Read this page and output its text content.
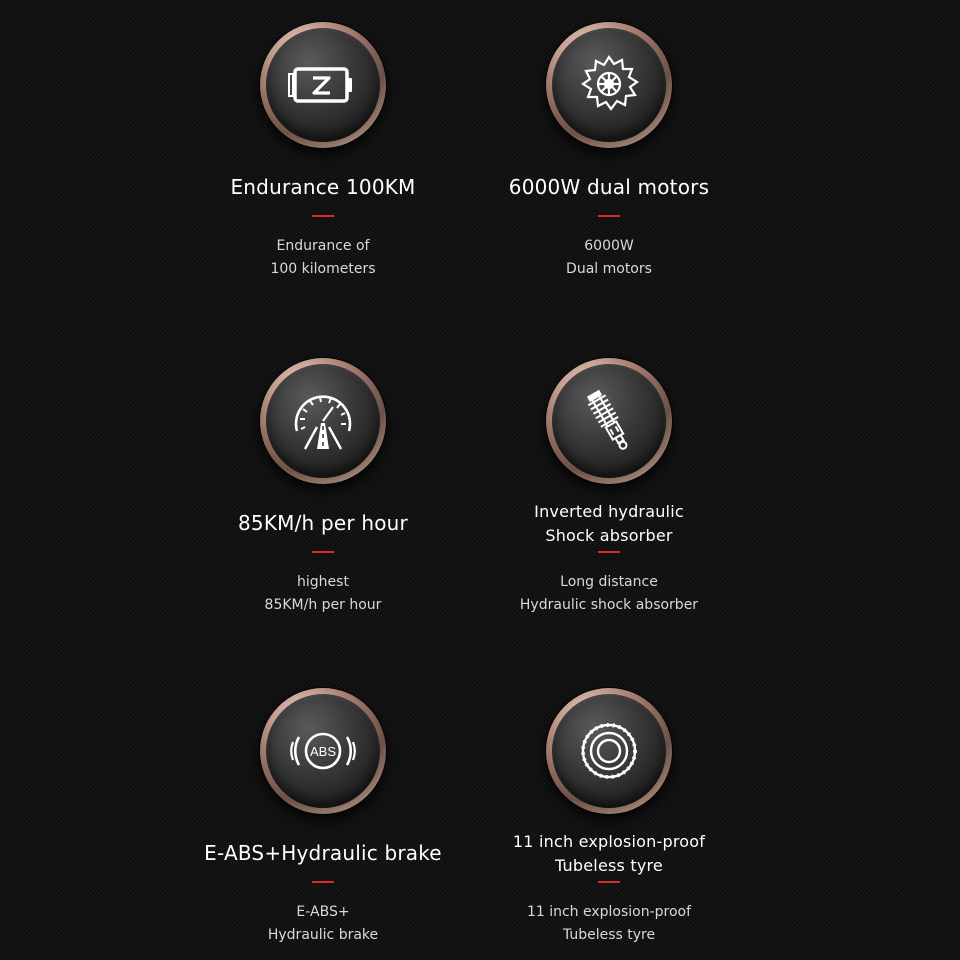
Endurance 100KM
Endurance of
100 kilometers
6000W dual motors
6000W
Dual motors
85KM/h per hour
highest
85KM/h per hour
Inverted hydraulic
Shock absorber
Long distance
Hydraulic shock absorber
ABS
E-ABS+Hydraulic brake
E-ABS+
Hydraulic brake
11 inch explosion-proof
Tubeless tyre
11 inch explosion-proof
Tubeless tyre
